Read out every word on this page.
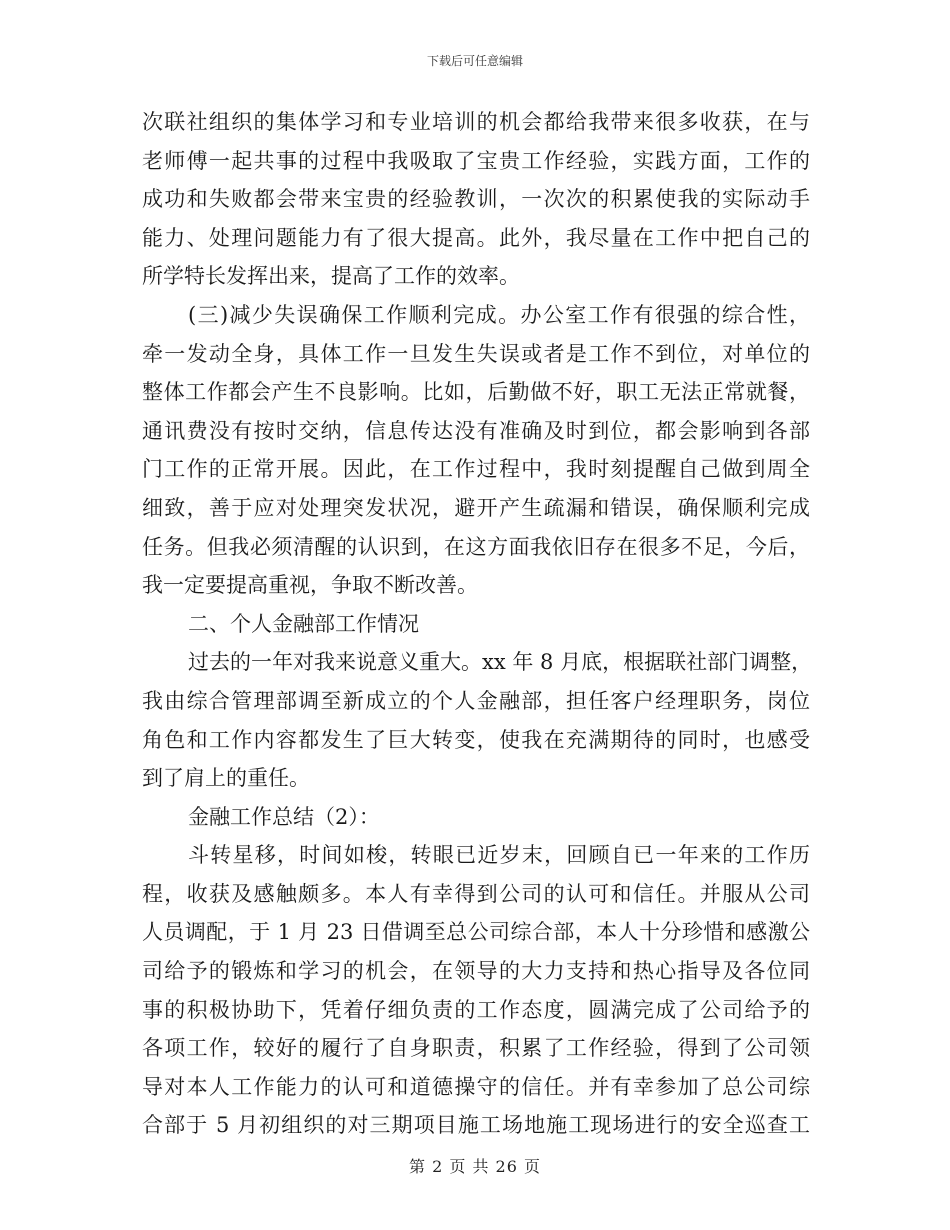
下载后可任意编辑
次联社组织的集体学习和专业培训的机会都给我带来很多收获，在与
老师傅一起共事的过程中我吸取了宝贵工作经验，实践方面，工作的
成功和失败都会带来宝贵的经验教训，一次次的积累使我的实际动手
能力、处理问题能力有了很大提高。此外，我尽量在工作中把自己的
所学特长发挥出来，提高了工作的效率。
(三)减少失误确保工作顺利完成。办公室工作有很强的综合性，
牵一发动全身，具体工作一旦发生失误或者是工作不到位，对单位的
整体工作都会产生不良影响。比如，后勤做不好，职工无法正常就餐，
通讯费没有按时交纳，信息传达没有准确及时到位，都会影响到各部
门工作的正常开展。因此，在工作过程中，我时刻提醒自己做到周全
细致，善于应对处理突发状况，避开产生疏漏和错误，确保顺利完成
任务。但我必须清醒的认识到，在这方面我依旧存在很多不足，今后，
我一定要提高重视，争取不断改善。
二、个人金融部工作情况
过去的一年对我来说意义重大。xx 年 8 月底，根据联社部门调整，
我由综合管理部调至新成立的个人金融部，担任客户经理职务，岗位
角色和工作内容都发生了巨大转变，使我在充满期待的同时，也感受
到了肩上的重任。
金融工作总结（2）：
斗转星移，时间如梭，转眼已近岁末，回顾自已一年来的工作历
程，收获及感触颇多。本人有幸得到公司的认可和信任。并服从公司
人员调配，于 1 月 23 日借调至总公司综合部，本人十分珍惜和感激公
司给予的锻炼和学习的机会，在领导的大力支持和热心指导及各位同
事的积极协助下，凭着仔细负责的工作态度，圆满完成了公司给予的
各项工作，较好的履行了自身职责，积累了工作经验，得到了公司领
导对本人工作能力的认可和道德操守的信任。并有幸参加了总公司综
合部于 5 月初组织的对三期项目施工场地施工现场进行的安全巡查工
第 2 页 共 26 页
